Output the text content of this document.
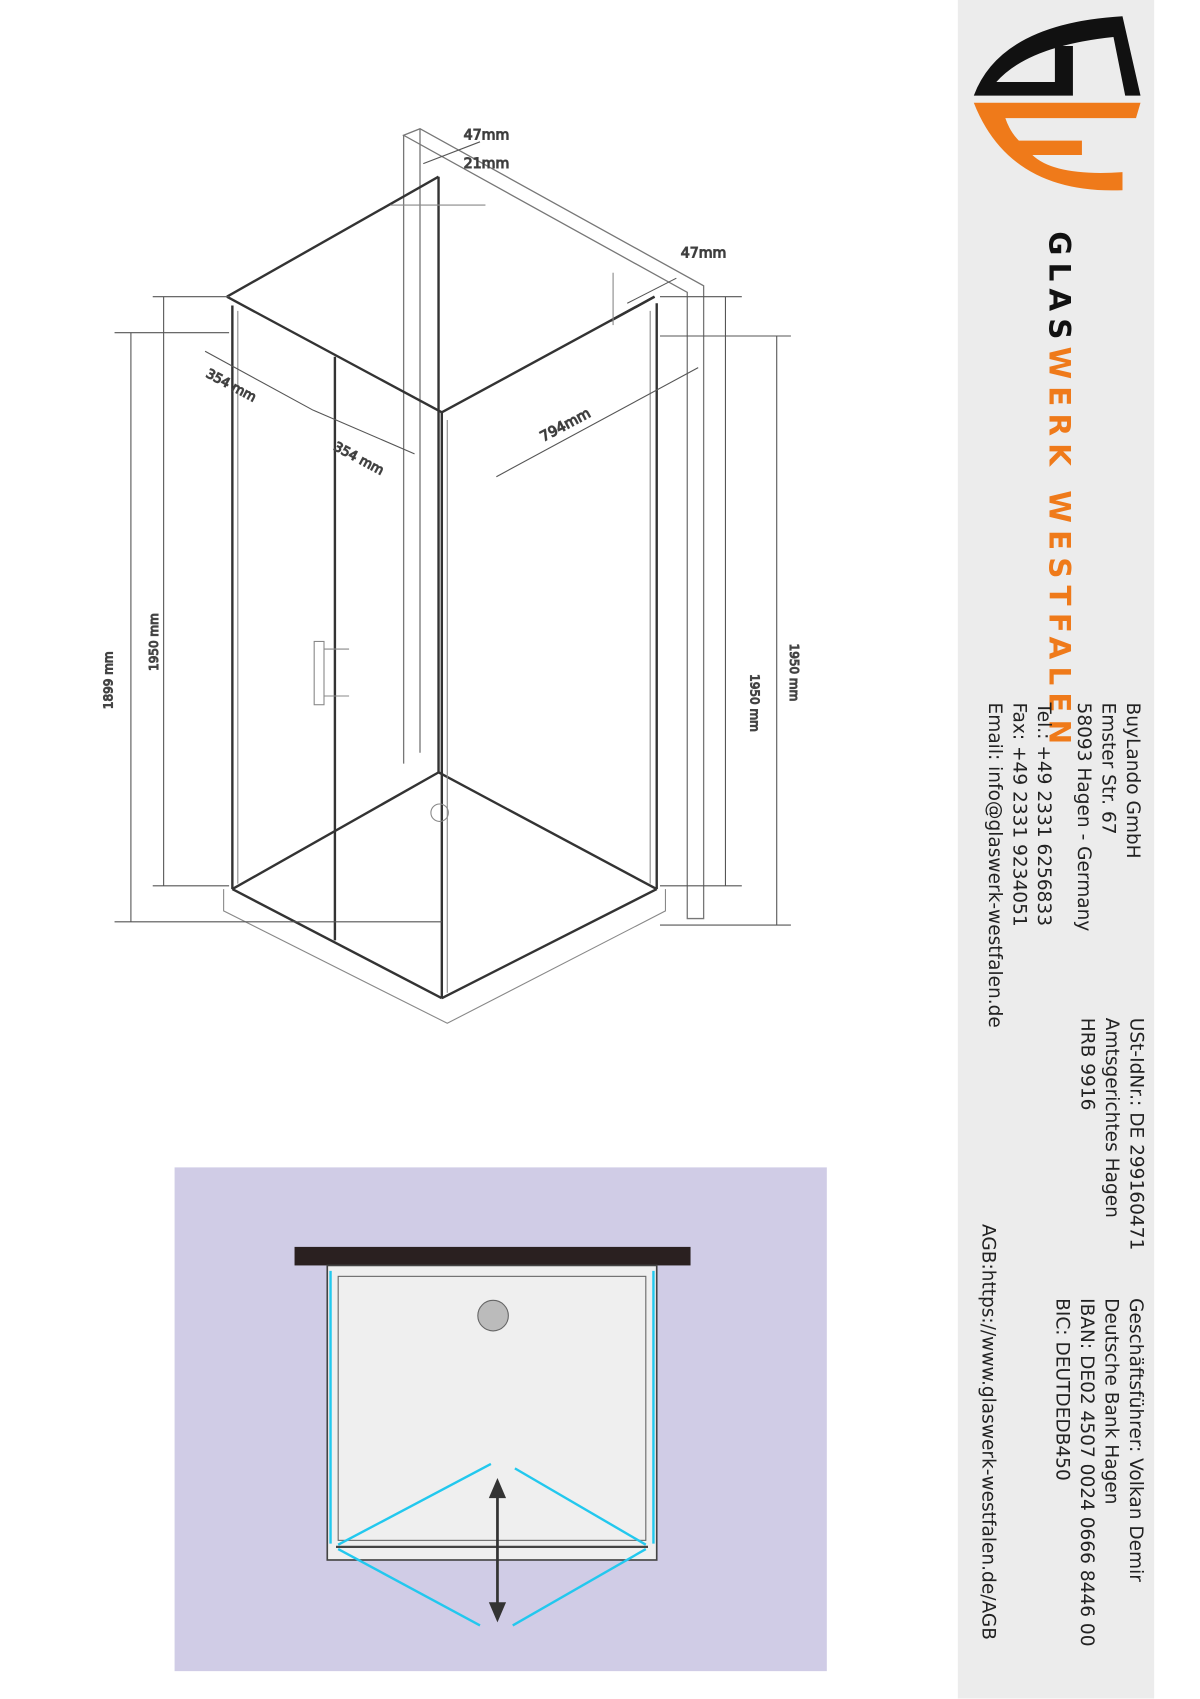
47mm
21mm
47mm
354 mm
354 mm
794mm
1899 mm
1950 mm
1950 mm
1950 mm
GLASWERK WESTFALEN
BuyLando GmbH
Emster Str. 67
58093 Hagen - Germany
Tel.: +49 2331 6256833
Fax: +49 2331 9234051
Email: info@glaswerk-westfalen.de
USt-IdNr.: DE 299160471
Amtsgerichtes Hagen
HRB 9916
Geschäftsführer: Volkan Demir
Deutsche Bank Hagen
IBAN: DE02 4507 0024 0666 8446 00
BIC: DEUTDEDB450
AGB:https://www.glaswerk-westfalen.de/AGB
